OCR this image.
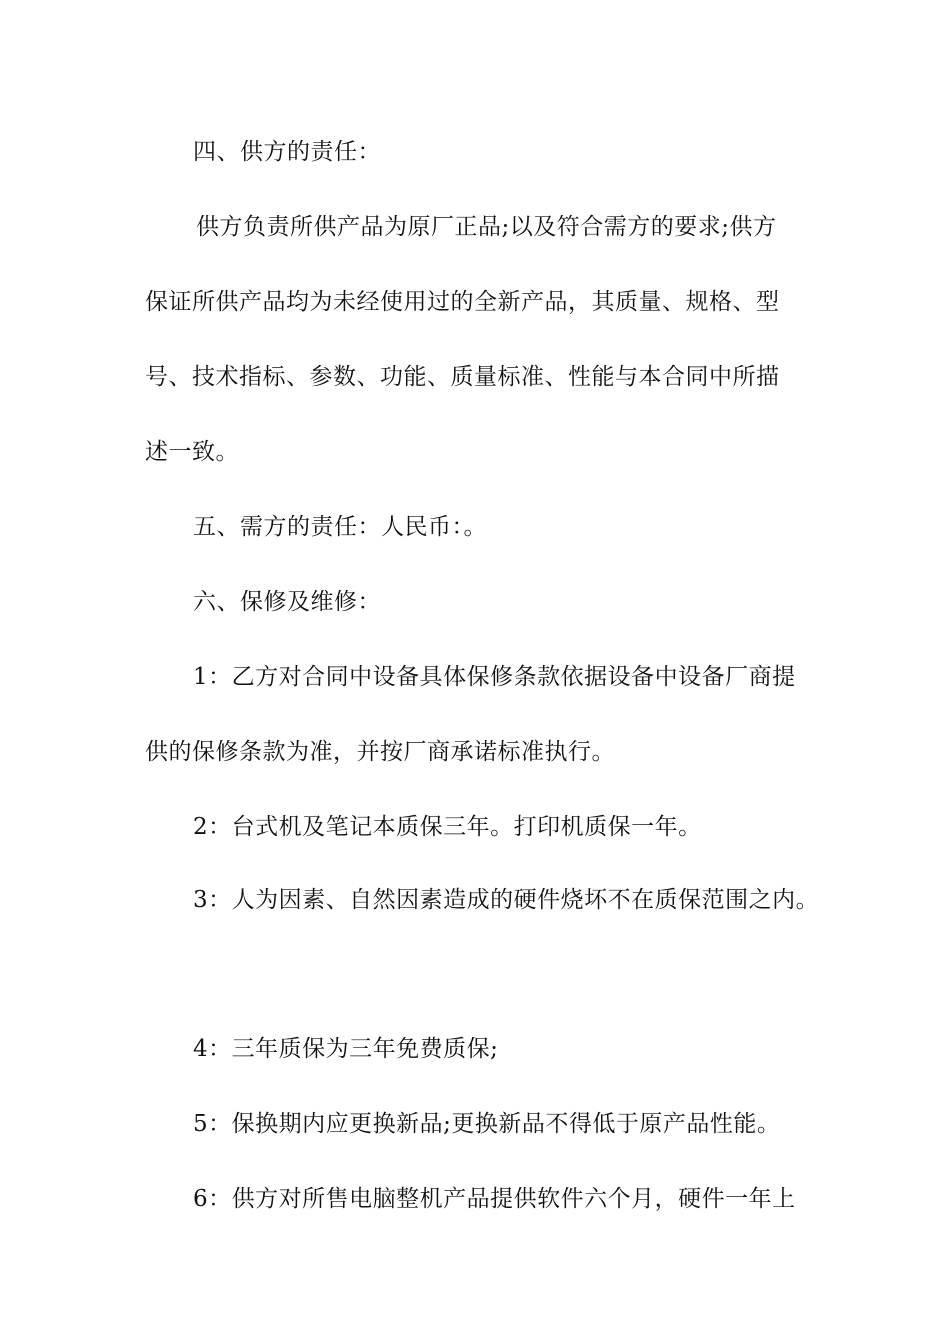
四、供方的责任：
供方负责所供产品为原厂正品;以及符合需方的要求;供方
保证所供产品均为未经使用过的全新产品，其质量、规格、型
号、技术指标、参数、功能、质量标准、性能与本合同中所描
述一致。
五、需方的责任：人民币：。
六、保修及维修：
1：乙方对合同中设备具体保修条款依据设备中设备厂商提
供的保修条款为准，并按厂商承诺标准执行。
2：台式机及笔记本质保三年。打印机质保一年。
3：人为因素、自然因素造成的硬件烧坏不在质保范围之内。
4：三年质保为三年免费质保;
5：保换期内应更换新品;更换新品不得低于原产品性能。
6：供方对所售电脑整机产品提供软件六个月，硬件一年上
